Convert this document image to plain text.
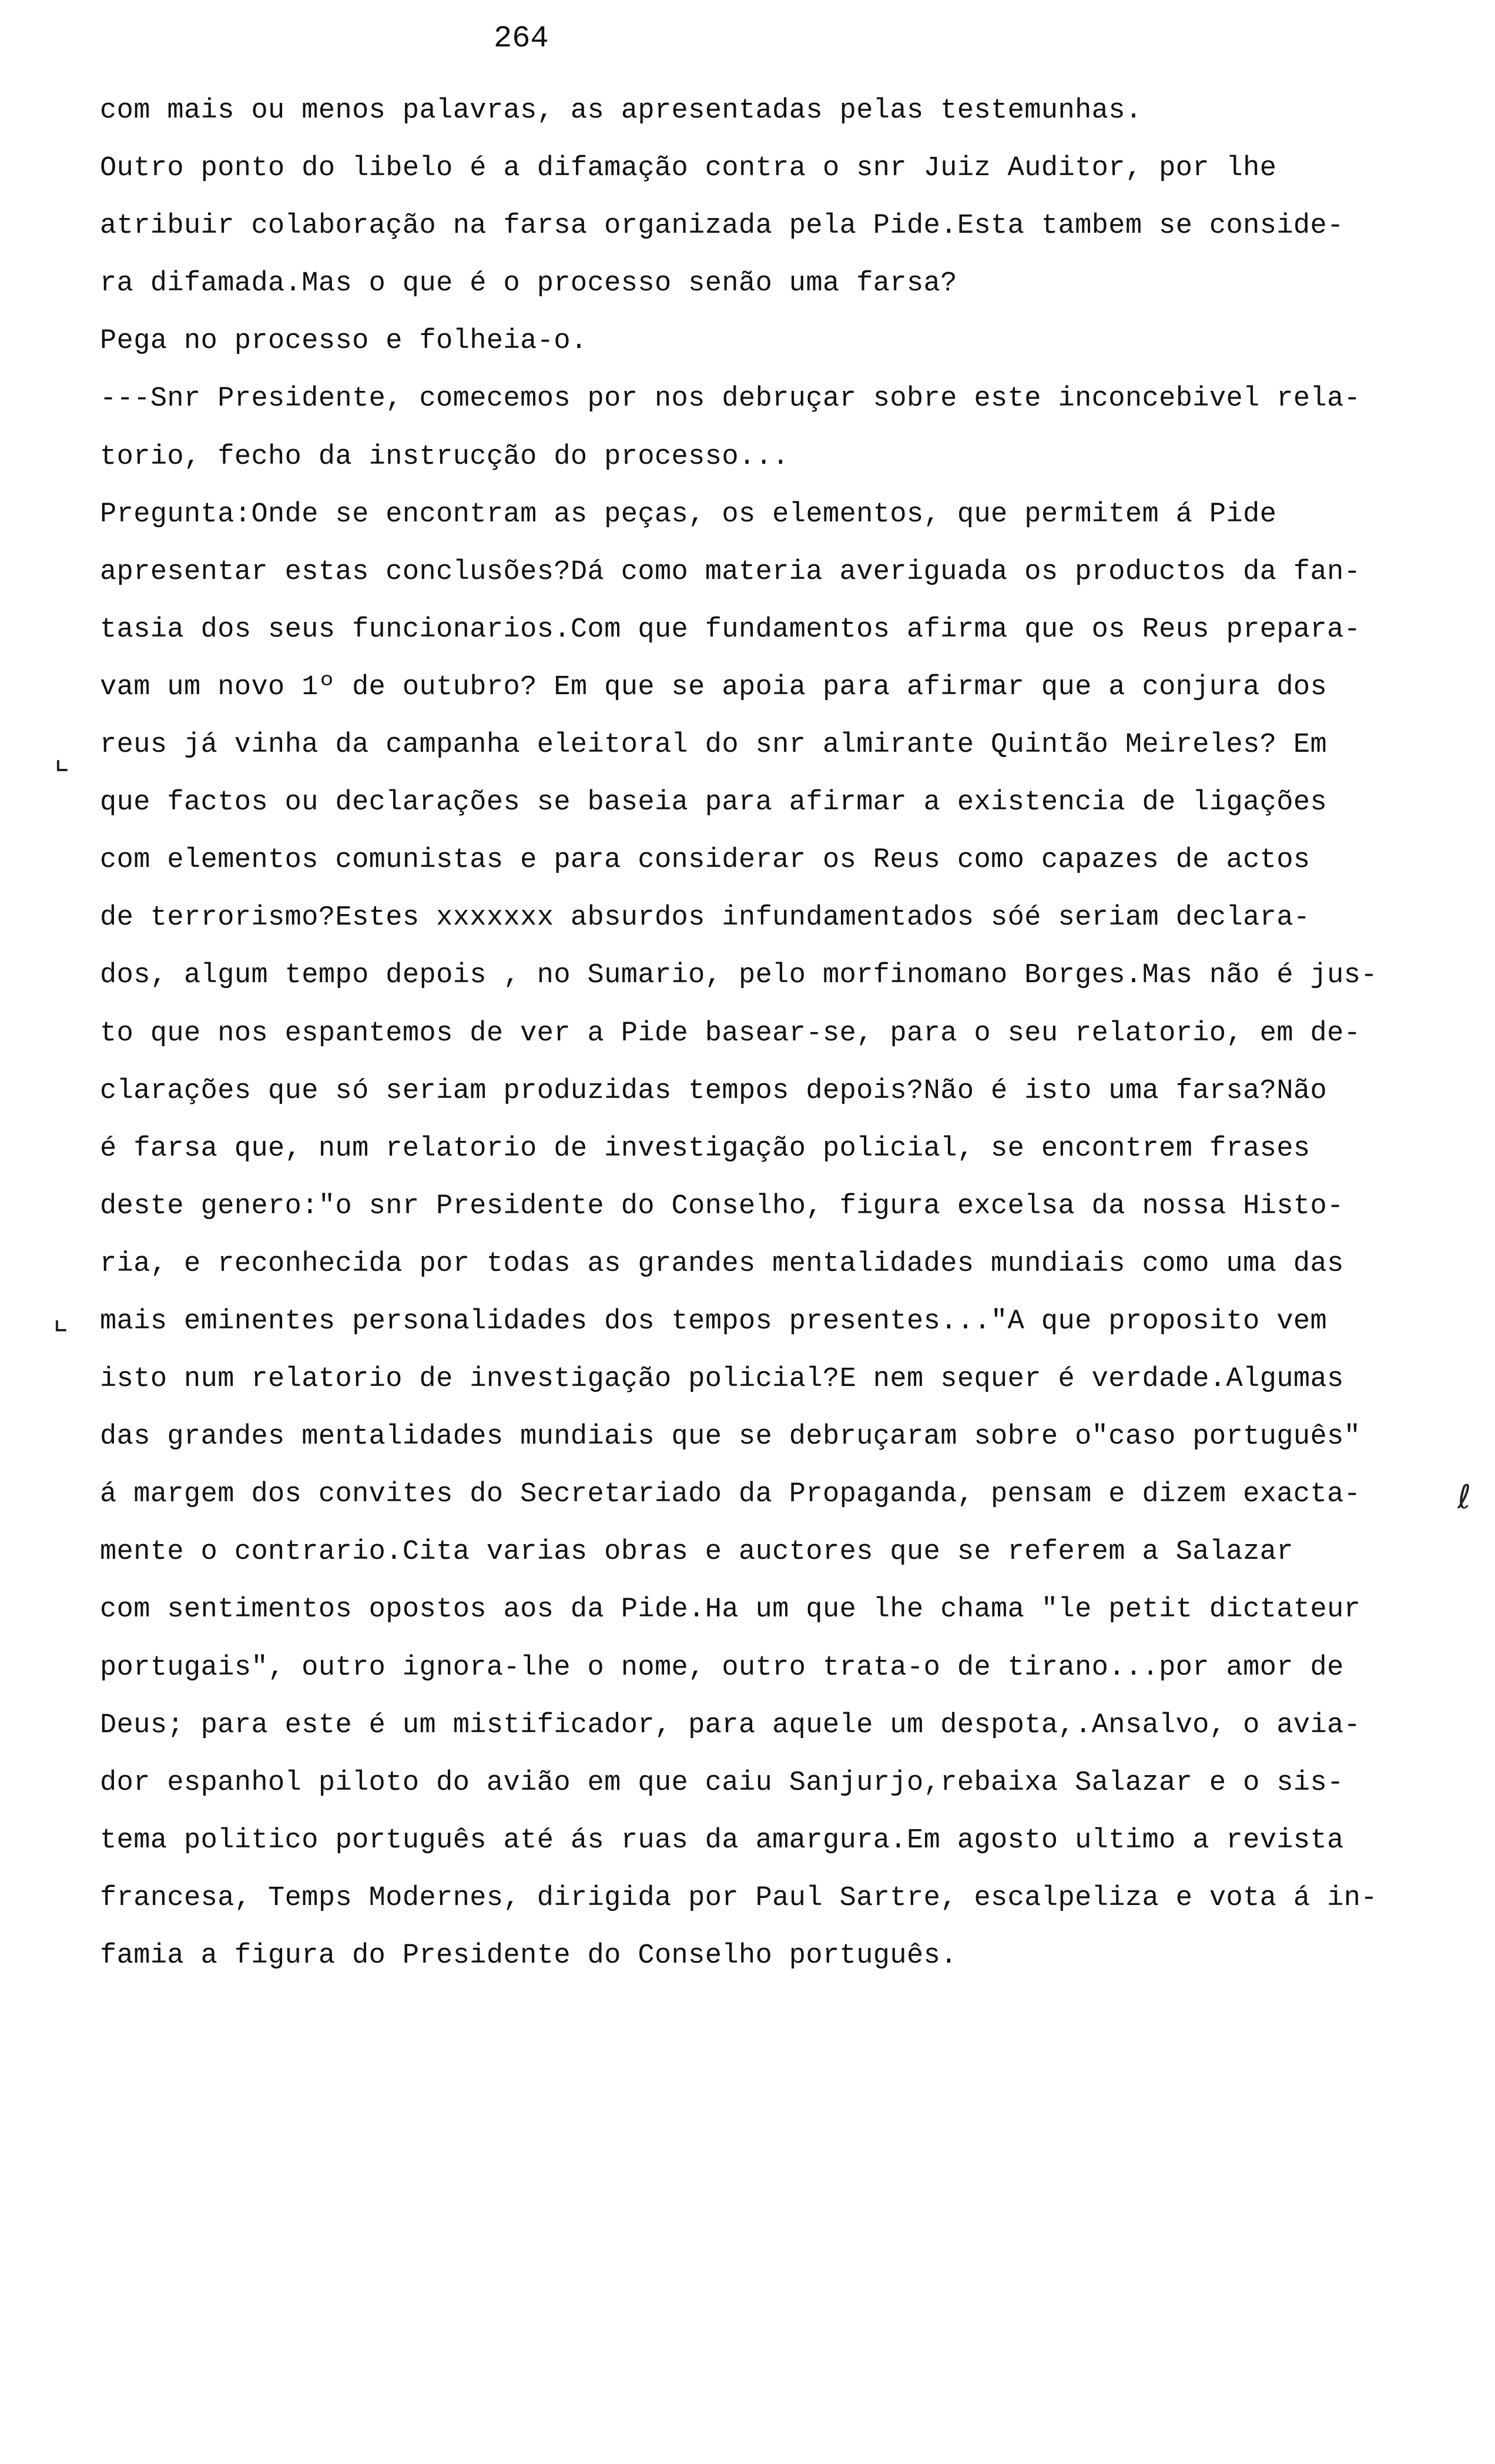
264
com mais ou menos palavras, as apresentadas pelas testemunhas.
Outro ponto do libelo é a difamação contra o snr Juiz Auditor, por lhe
atribuir colaboração na farsa organizada pela Pide.Esta tambem se conside-
ra difamada.Mas o que é o processo senão uma farsa?
Pega no processo e folheia-o.
---Snr Presidente, comecemos por nos debruçar sobre este inconcebivel rela-
torio, fecho da instrucção do processo...
Pregunta:Onde se encontram as peças, os elementos, que permitem á Pide
apresentar estas conclusões?Dá como materia averiguada os productos da fan-
tasia dos seus funcionarios.Com que fundamentos afirma que os Reus prepara-
vam um novo 1º de outubro? Em que se apoia para afirmar que a conjura dos
reus já vinha da campanha eleitoral do snr almirante Quintão Meireles? Em
que factos ou declarações se baseia para afirmar a existencia de ligações
com elementos comunistas e para considerar os Reus como capazes de actos
de terrorismo?Estes xxxxxxx absurdos infundamentados sóé seriam declara-
dos, algum tempo depois , no Sumario, pelo morfinomano Borges.Mas não é jus-
to que nos espantemos de ver a Pide basear-se, para o seu relatorio, em de-
clarações que só seriam produzidas tempos depois?Não é isto uma farsa?Não
é farsa que, num relatorio de investigação policial, se encontrem frases
deste genero:"o snr Presidente do Conselho, figura excelsa da nossa Histo-
ria, e reconhecida por todas as grandes mentalidades mundiais como uma das
mais eminentes personalidades dos tempos presentes..."A que proposito vem
isto num relatorio de investigação policial?E nem sequer é verdade.Algumas
das grandes mentalidades mundiais que se debruçaram sobre o"caso português"
á margem dos convites do Secretariado da Propaganda, pensam e dizem exacta-
mente o contrario.Cita varias obras e auctores que se referem a Salazar
com sentimentos opostos aos da Pide.Ha um que lhe chama "le petit dictateur
portugais", outro ignora-lhe o nome, outro trata-o de tirano...por amor de
Deus; para este é um mistificador, para aquele um despota,.Ansalvo, o avia-
dor espanhol piloto do avião em que caiu Sanjurjo,rebaixa Salazar e o sis-
tema politico português até ás ruas da amargura.Em agosto ultimo a revista
francesa, Temps Modernes, dirigida por Paul Sartre, escalpeliza e vota á in-
famia a figura do Presidente do Conselho português.
⌞
⌞
ℓ
